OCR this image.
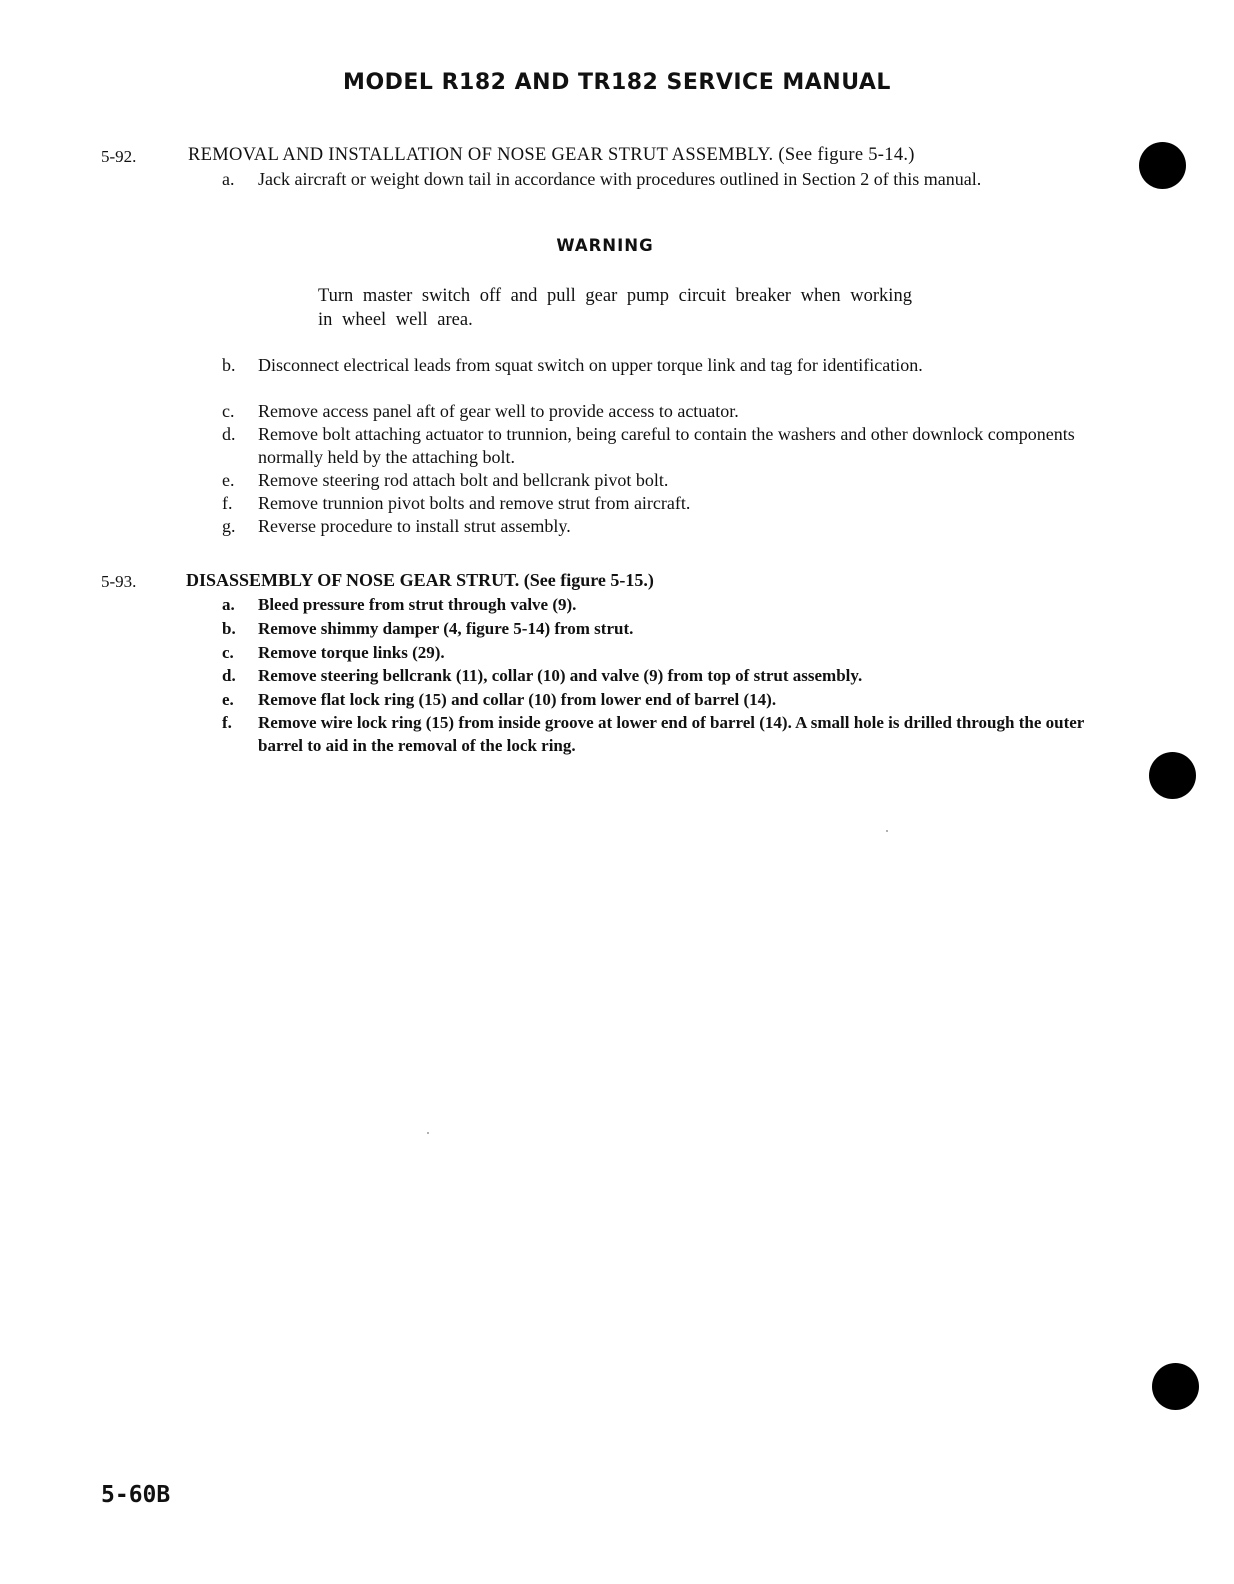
MODEL R182 AND TR182 SERVICE MANUAL
5-92.	REMOVAL AND INSTALLATION OF NOSE GEAR STRUT ASSEMBLY. (See figure 5-14.)
a. Jack aircraft or weight down tail in accordance with procedures outlined in Section 2 of this manual.
WARNING
Turn master switch off and pull gear pump circuit breaker when working in wheel well area.
b. Disconnect electrical leads from squat switch on upper torque link and tag for identification.
c. Remove access panel aft of gear well to provide access to actuator.
d. Remove bolt attaching actuator to trunnion, being careful to contain the washers and other downlock components normally held by the attaching bolt.
e. Remove steering rod attach bolt and bellcrank pivot bolt.
f. Remove trunnion pivot bolts and remove strut from aircraft.
g. Reverse procedure to install strut assembly.
5-93.	DISASSEMBLY OF NOSE GEAR STRUT. (See figure 5-15.)
a. Bleed pressure from strut through valve (9).
b. Remove shimmy damper (4, figure 5-14) from strut.
c. Remove torque links (29).
d. Remove steering bellcrank (11), collar (10) and valve (9) from top of strut assembly.
e. Remove flat lock ring (15) and collar (10) from lower end of barrel (14).
f. Remove wire lock ring (15) from inside groove at lower end of barrel (14). A small hole is drilled through the outer barrel to aid in the removal of the lock ring.
5-60B
